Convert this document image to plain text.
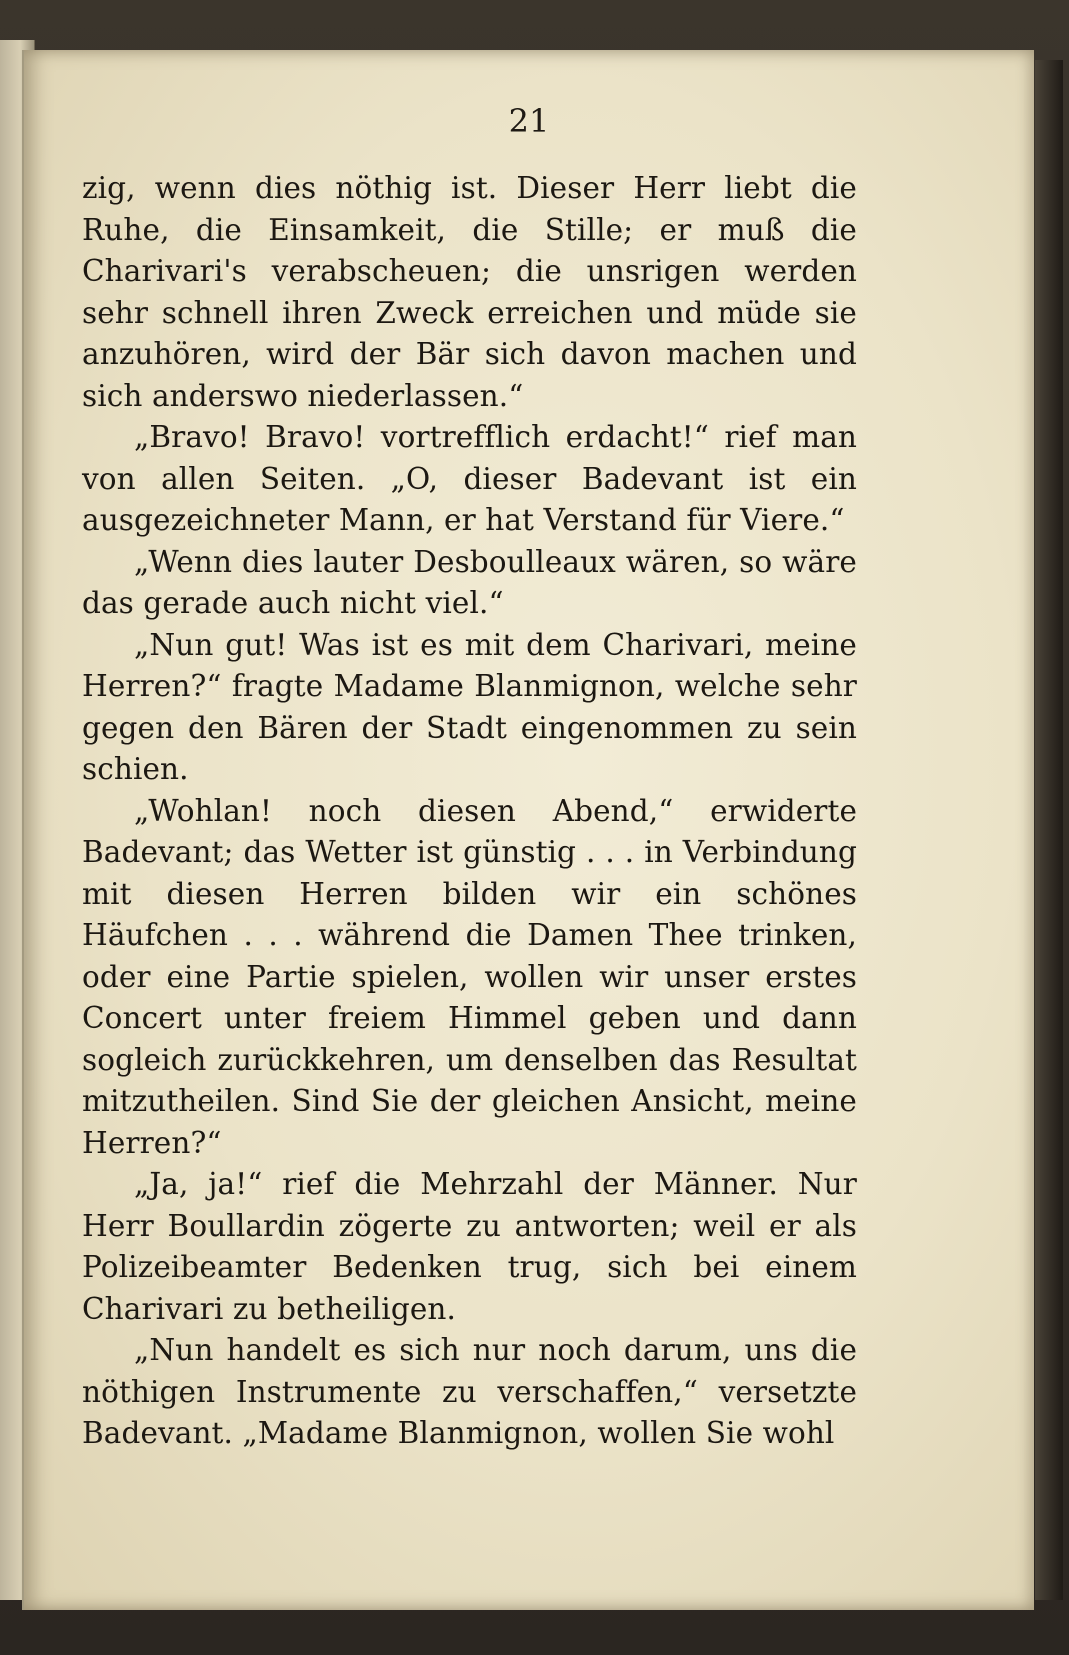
21

zig, wenn dies nöthig ist. Dieser Herr liebt die Ruhe, die Einsamkeit, die Stille; er muß die Charivari's verabscheuen; die unsrigen werden sehr schnell ihren Zweck erreichen und müde sie anzuhören, wird der Bär sich davon machen und sich anderswo niederlassen.“

„Bravo! Bravo! vortrefflich erdacht!“ rief man von allen Seiten. „O, dieser Badevant ist ein ausgezeichneter Mann, er hat Verstand für Viere.“

„Wenn dies lauter Desboulleaux wären, so wäre das gerade auch nicht viel.“

„Nun gut! Was ist es mit dem Charivari, meine Herren?“ fragte Madame Blanmignon, welche sehr gegen den Bären der Stadt eingenommen zu sein schien.

„Wohlan! noch diesen Abend,“ erwiderte Badevant; das Wetter ist günstig . . . in Verbindung mit diesen Herren bilden wir ein schönes Häufchen . . . während die Damen Thee trinken, oder eine Partie spielen, wollen wir unser erstes Concert unter freiem Himmel geben und dann sogleich zurückkehren, um denselben das Resultat mitzutheilen. Sind Sie der gleichen Ansicht, meine Herren?“

„Ja, ja!“ rief die Mehrzahl der Männer. Nur Herr Boullardin zögerte zu antworten; weil er als Polizeibeamter Bedenken trug, sich bei einem Charivari zu betheiligen.

„Nun handelt es sich nur noch darum, uns die nöthigen Instrumente zu verschaffen,“ versetzte Badevant. „Madame Blanmignon, wollen Sie wohl
